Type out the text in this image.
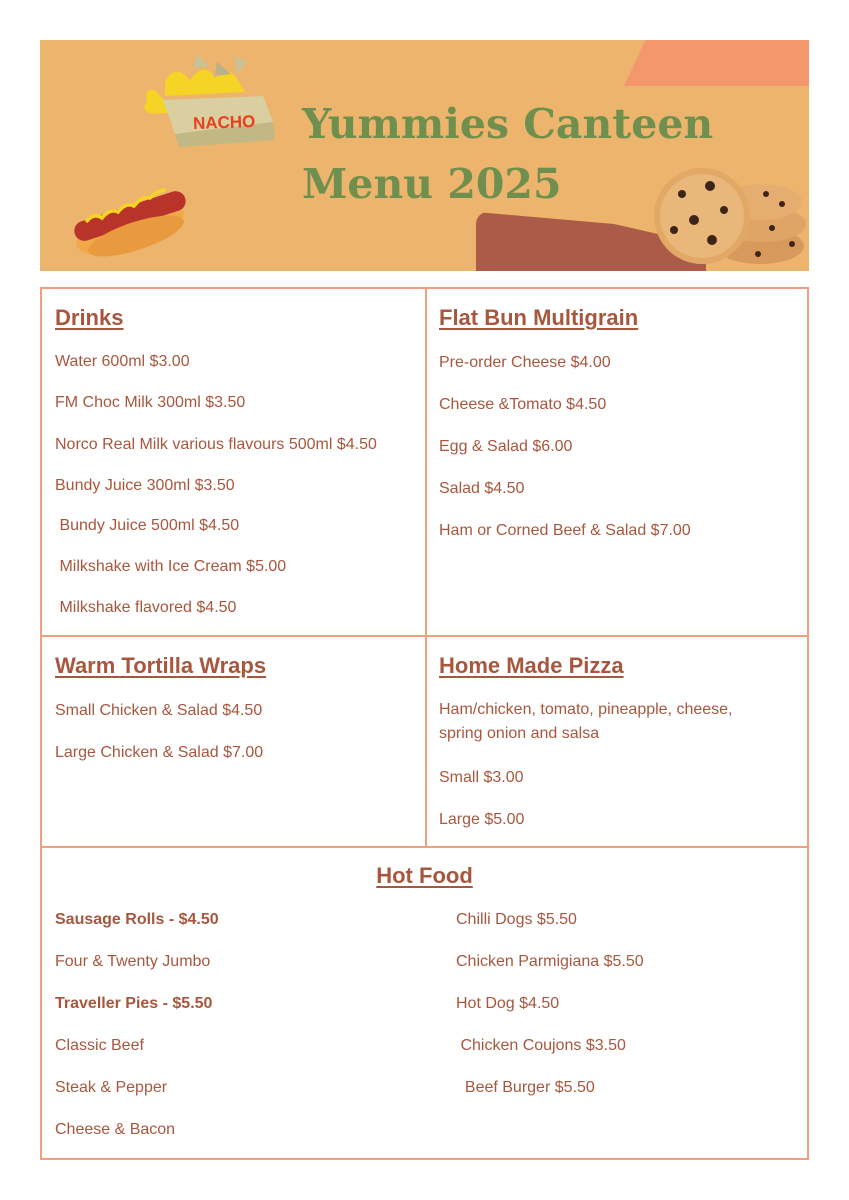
NACHO Yummies Canteen
Menu 2025
Drinks

Water 600ml $3.00

FM Choc Milk 300ml $3.50

Norco Real Milk various flavours 500ml $4.50

Bundy Juice 300ml $3.50

Bundy Juice 500ml $4.50

Milkshake with Ice Cream $5.00

Milkshake flavored $4.50

Flat Bun Multigrain

Pre-order Cheese $4.00

Cheese &Tomato $4.50

Egg & Salad $6.00

Salad $4.50

Ham or Corned Beef & Salad $7.00

Warm Tortilla Wraps

Small Chicken & Salad $4.50

Large Chicken & Salad $7.00

Home Made Pizza

Ham/chicken, tomato, pineapple, cheese, spring onion and salsa

Small $3.00

Large $5.00

Hot Food

Sausage Rolls - $4.50

Four & Twenty Jumbo

Traveller Pies - $5.50

Classic Beef

Steak & Pepper

Cheese & Bacon

Chilli Dogs $5.50

Chicken Parmigiana $5.50

Hot Dog $4.50

Chicken Coujons $3.50

Beef Burger $5.50
